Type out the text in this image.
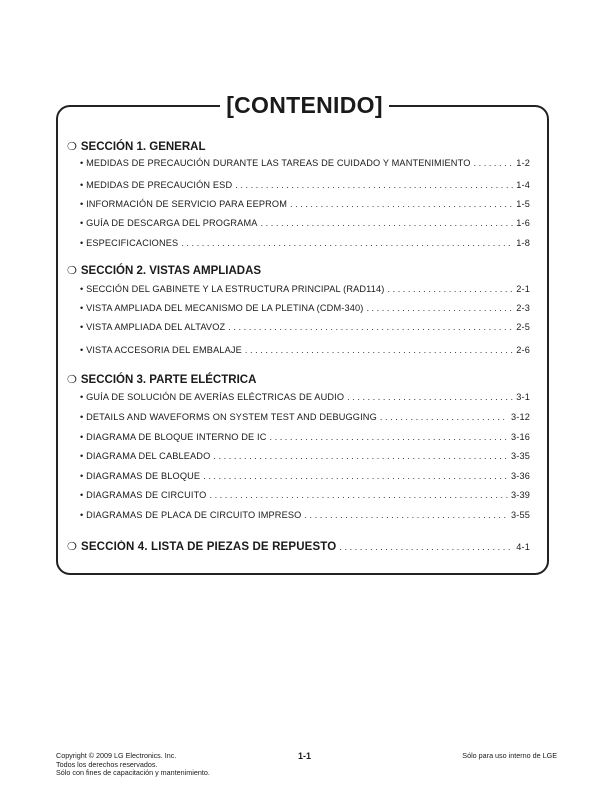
[CONTENIDO]
❍ SECCIÓN 1. GENERAL
• MEDIDAS DE PRECAUCIÓN DURANTE LAS TAREAS DE CUIDADO Y MANTENIMIENTO . . .	1-2
• MEDIDAS DE PRECAUCIÓN ESD . . .	1-4
• INFORMACIÓN DE SERVICIO PARA EEPROM . . .	1-5
• GUÍA DE DESCARGA DEL PROGRAMA . . .	1-6
• ESPECIFICACIONES . . .	1-8
❍ SECCIÓN 2. VISTAS AMPLIADAS
• SECCIÓN DEL GABINETE Y LA ESTRUCTURA PRINCIPAL (RAD114) . . .	2-1
• VISTA AMPLIADA DEL MECANISMO DE LA PLETINA (CDM-340) . . .	2-3
• VISTA AMPLIADA DEL ALTAVOZ . . .	2-5
• VISTA ACCESORIA DEL EMBALAJE . . .	2-6
❍ SECCIÓN 3. PARTE ELÉCTRICA
• GUÍA DE SOLUCIÓN DE AVERÍAS ELÉCTRICAS DE AUDIO . . .	3-1
• DETAILS AND WAVEFORMS ON SYSTEM TEST AND DEBUGGING . . .	3-12
• DIAGRAMA DE BLOQUE INTERNO DE IC . . .	3-16
• DIAGRAMA DEL CABLEADO . . .	3-35
• DIAGRAMAS DE BLOQUE . . .	3-36
• DIAGRAMAS DE CIRCUITO . . .	3-39
• DIAGRAMAS DE PLACA DE CIRCUITO IMPRESO . . .	3-55
❍ SECCIÓN 4. LISTA DE PIEZAS DE REPUESTO . . .	4-1
Copyright © 2009 LG Electronics. Inc.
Todos los derechos reservados.
Sólo con fines de capacitación y mantenimiento.
1-1	Sólo para uso interno de LGE
